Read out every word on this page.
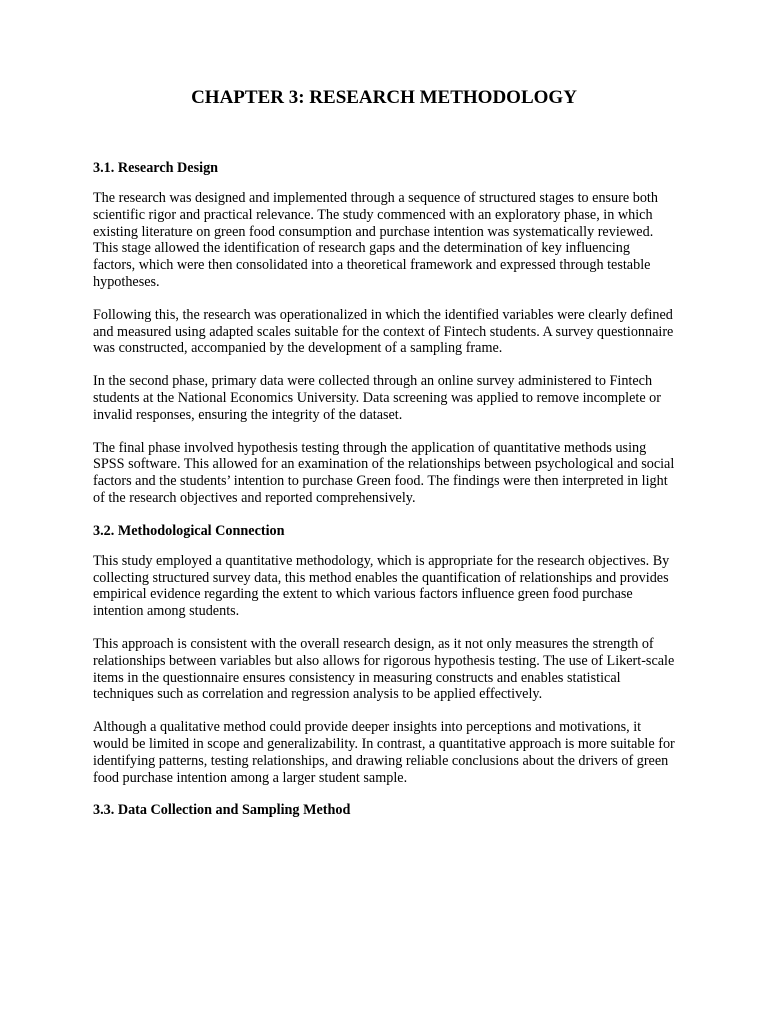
CHAPTER 3: RESEARCH METHODOLOGY
3.1. Research Design

The research was designed and implemented through a sequence of structured stages to ensure both scientific rigor and practical relevance. The study commenced with an exploratory phase, in which existing literature on green food consumption and purchase intention was systematically reviewed. This stage allowed the identification of research gaps and the determination of key influencing factors, which were then consolidated into a theoretical framework and expressed through testable hypotheses.

Following this, the research was operationalized in which the identified variables were clearly defined and measured using adapted scales suitable for the context of Fintech students. A survey questionnaire was constructed, accompanied by the development of a sampling frame.

In the second phase, primary data were collected through an online survey administered to Fintech students at the National Economics University. Data screening was applied to remove incomplete or invalid responses, ensuring the integrity of the dataset.

The final phase involved hypothesis testing through the application of quantitative methods using SPSS software. This allowed for an examination of the relationships between psychological and social factors and the students’ intention to purchase Green food. The findings were then interpreted in light of the research objectives and reported comprehensively.

3.2. Methodological Connection

This study employed a quantitative methodology, which is appropriate for the research objectives. By collecting structured survey data, this method enables the quantification of relationships and provides empirical evidence regarding the extent to which various factors influence green food purchase intention among students.

This approach is consistent with the overall research design, as it not only measures the strength of relationships between variables but also allows for rigorous hypothesis testing. The use of Likert-scale items in the questionnaire ensures consistency in measuring constructs and enables statistical techniques such as correlation and regression analysis to be applied effectively.

Although a qualitative method could provide deeper insights into perceptions and motivations, it would be limited in scope and generalizability. In contrast, a quantitative approach is more suitable for identifying patterns, testing relationships, and drawing reliable conclusions about the drivers of green food purchase intention among a larger student sample.

3.3. Data Collection and Sampling Method
